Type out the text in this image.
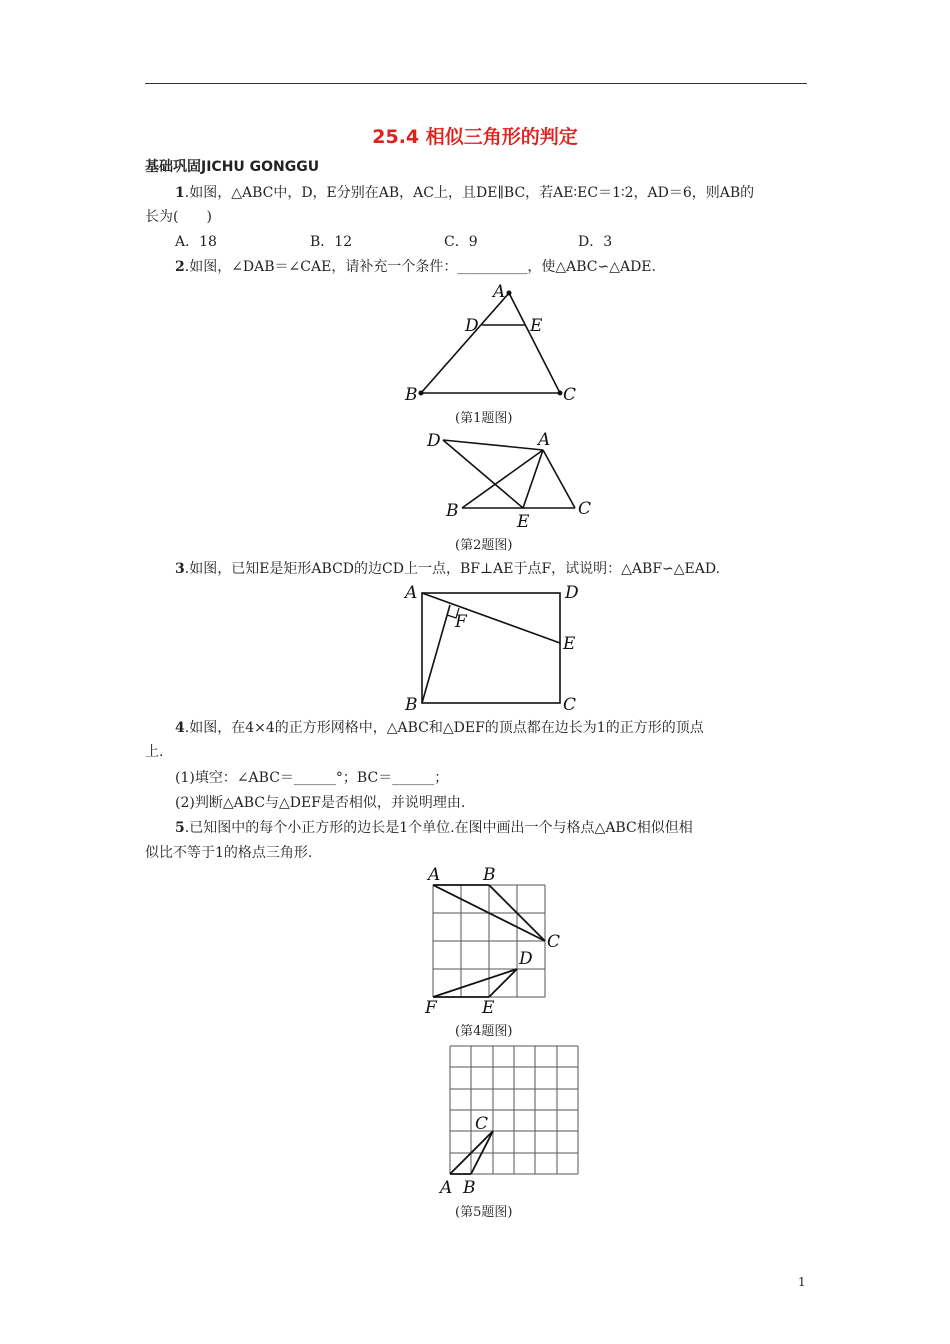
25.4 相似三角形的判定
基础巩固JICHU GONGGU
1.如图，△ABC中，D，E分别在AB，AC上，且DE∥BC，若AE∶EC＝1∶2，AD＝6，则AB的
长为(　　)
A．18	B．12	C．9	D．3
2.如图，∠DAB＝∠CAE，请补充一个条件：__________，使△ABC∽△ADE.
A
D	E
B	C
(第1题图)
D	A
B
E
C
(第2题图)
3.如图，已知E是矩形ABCD的边CD上一点，BF⊥AE于点F，试说明：△ABF∽△EAD.
A	D
F
E
B	C
4.如图，在4×4的正方形网格中，△ABC和△DEF的顶点都在边长为1的正方形的顶点
上.
(1)填空：∠ABC＝______°；BC＝______；
(2)判断△ABC与△DEF是否相似，并说明理由.
5.已知图中的每个小正方形的边长是1个单位.在图中画出一个与格点△ABC相似但相
似比不等于1的格点三角形.
A	B
C
D
F	E
(第4题图)
C
A B
(第5题图)
1
